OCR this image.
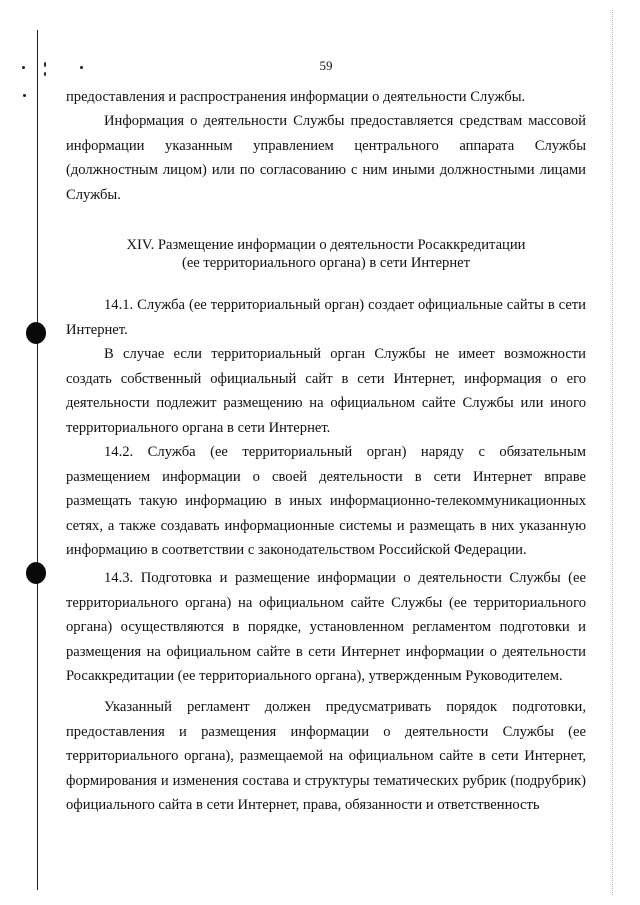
59

предоставления и распространения информации о деятельности Службы.

Информация о деятельности Службы предоставляется средствам массовой информации указанным управлением центрального аппарата Службы (должностным лицом) или по согласованию с ним иными должностными лицами Службы.

XIV. Размещение информации о деятельности Росаккредитации
(ее территориального органа) в сети Интернет

14.1. Служба (ее территориальный орган) создает официальные сайты в сети Интернет.

В случае если территориальный орган Службы не имеет возможности создать собственный официальный сайт в сети Интернет, информация о его деятельности подлежит размещению на официальном сайте Службы или иного территориального органа в сети Интернет.

14.2. Служба (ее территориальный орган) наряду с обязательным размещением информации о своей деятельности в сети Интернет вправе размещать такую информацию в иных информационно-телекоммуникационных сетях, а также создавать информационные системы и размещать в них указанную информацию в соответствии с законодательством Российской Федерации.

14.3. Подготовка и размещение информации о деятельности Службы (ее территориального органа) на официальном сайте Службы (ее территориального органа) осуществляются в порядке, установленном регламентом подготовки и размещения на официальном сайте в сети Интернет информации о деятельности Росаккредитации (ее территориального органа), утвержденным Руководителем.

Указанный регламент должен предусматривать порядок подготовки, предоставления и размещения информации о деятельности Службы (ее территориального органа), размещаемой на официальном сайте в сети Интернет, формирования и изменения состава и структуры тематических рубрик (подрубрик) официального сайта в сети Интернет, права, обязанности и ответственность
